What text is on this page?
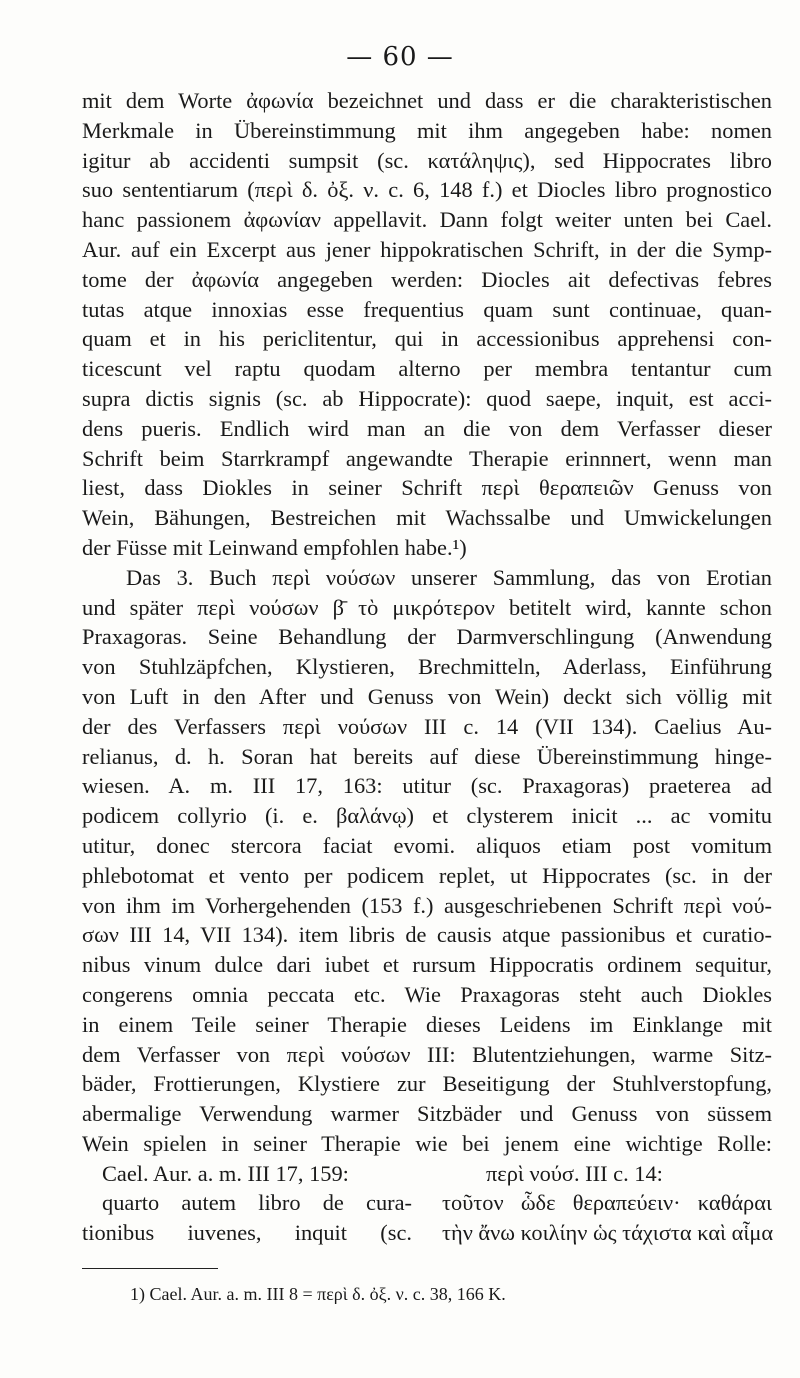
— 60 —
mit dem Worte ἀφωνία bezeichnet und dass er die charakteristischen
Merkmale in Übereinstimmung mit ihm angegeben habe: nomen
igitur ab accidenti sumpsit (sc. κατάληψις), sed Hippocrates libro
suo sententiarum (περὶ δ. ὀξ. ν. c. 6, 148 f.) et Diocles libro prognostico
hanc passionem ἀφωνίαν appellavit. Dann folgt weiter unten bei Cael.
Aur. auf ein Excerpt aus jener hippokratischen Schrift, in der die Symp-
tome der ἀφωνία angegeben werden: Diocles ait defectivas febres
tutas atque innoxias esse frequentius quam sunt continuae, quan-
quam et in his periclitentur, qui in accessionibus apprehensi con-
ticescunt vel raptu quodam alterno per membra tentantur cum
supra dictis signis (sc. ab Hippocrate): quod saepe, inquit, est acci-
dens pueris. Endlich wird man an die von dem Verfasser dieser
Schrift beim Starrkrampf angewandte Therapie erinnnert, wenn man
liest, dass Diokles in seiner Schrift περὶ θεραπειῶν Genuss von
Wein, Bähungen, Bestreichen mit Wachssalbe und Umwickelungen
der Füsse mit Leinwand empfohlen habe.¹)
Das 3. Buch περὶ νούσων unserer Sammlung, das von Erotian
und später περὶ νούσων β̄ τὸ μικρότερον betitelt wird, kannte schon
Praxagoras. Seine Behandlung der Darmverschlingung (Anwendung
von Stuhlzäpfchen, Klystieren, Brechmitteln, Aderlass, Einführung
von Luft in den After und Genuss von Wein) deckt sich völlig mit
der des Verfassers περὶ νούσων III c. 14 (VII 134). Caelius Au-
relianus, d. h. Soran hat bereits auf diese Übereinstimmung hinge-
wiesen. A. m. III 17, 163: utitur (sc. Praxagoras) praeterea ad
podicem collyrio (i. e. βαλάνῳ) et clysterem inicit ... ac vomitu
utitur, donec stercora faciat evomi. aliquos etiam post vomitum
phlebotomat et vento per podicem replet, ut Hippocrates (sc. in der
von ihm im Vorhergehenden (153 f.) ausgeschriebenen Schrift περὶ νού-
σων III 14, VII 134). item libris de causis atque passionibus et curatio-
nibus vinum dulce dari iubet et rursum Hippocratis ordinem sequitur,
congerens omnia peccata etc. Wie Praxagoras steht auch Diokles
in einem Teile seiner Therapie dieses Leidens im Einklange mit
dem Verfasser von περὶ νούσων III: Blutentziehungen, warme Sitz-
bäder, Frottierungen, Klystiere zur Beseitigung der Stuhlverstopfung,
abermalige Verwendung warmer Sitzbäder und Genuss von süssem
Wein spielen in seiner Therapie wie bei jenem eine wichtige Rolle:
Cael. Aur. a. m. III 17, 159:
quarto autem libro de cura-
tionibus iuvenes, inquit (sc.
περὶ νούσ. III c. 14:
τοῦτον ὧδε θεραπεύειν· καθάραι
τὴν ἄνω κοιλίην ὡς τάχιστα καὶ αἷμα
1) Cael. Aur. a. m. III 8 = περὶ δ. ὀξ. ν. c. 38, 166 K.
